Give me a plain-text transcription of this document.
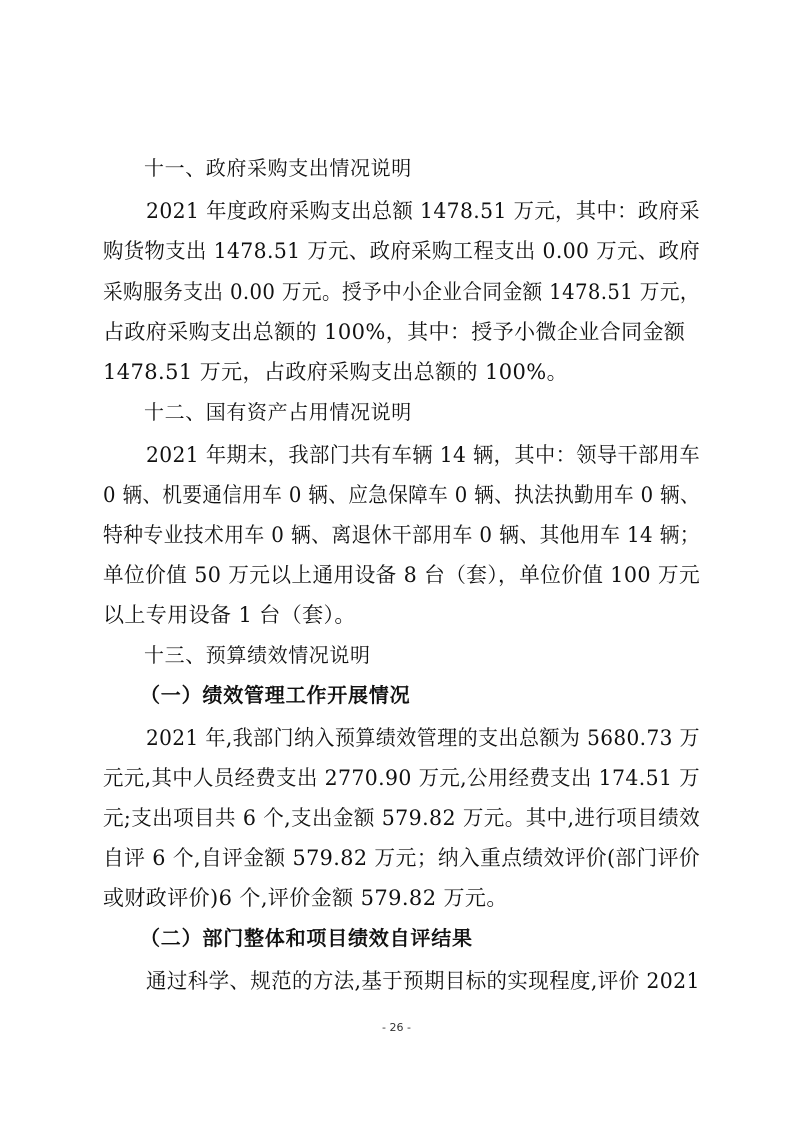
十一、政府采购支出情况说明
2021 年度政府采购支出总额 1478.51 万元，其中：政府采
购货物支出 1478.51 万元、政府采购工程支出 0.00 万元、政府
采购服务支出 0.00 万元。授予中小企业合同金额 1478.51 万元，
占政府采购支出总额的 100%，其中：授予小微企业合同金额
1478.51 万元，占政府采购支出总额的 100%。
十二、国有资产占用情况说明
2021 年期末，我部门共有车辆 14 辆，其中：领导干部用车
0 辆、机要通信用车 0 辆、应急保障车 0 辆、执法执勤用车 0 辆、
特种专业技术用车 0 辆、离退休干部用车 0 辆、其他用车 14 辆；
单位价值 50 万元以上通用设备 8 台（套），单位价值 100 万元
以上专用设备 1 台（套）。
十三、预算绩效情况说明
（一）绩效管理工作开展情况
2021 年,我部门纳入预算绩效管理的支出总额为 5680.73 万
元元,其中人员经费支出 2770.90 万元,公用经费支出 174.51 万
元;支出项目共 6 个,支出金额 579.82 万元。其中,进行项目绩效
自评 6 个,自评金额 579.82 万元；纳入重点绩效评价(部门评价
或财政评价)6 个,评价金额 579.82 万元。
（二）部门整体和项目绩效自评结果
通过科学、规范的方法,基于预期目标的实现程度,评价 2021
- 26 -
